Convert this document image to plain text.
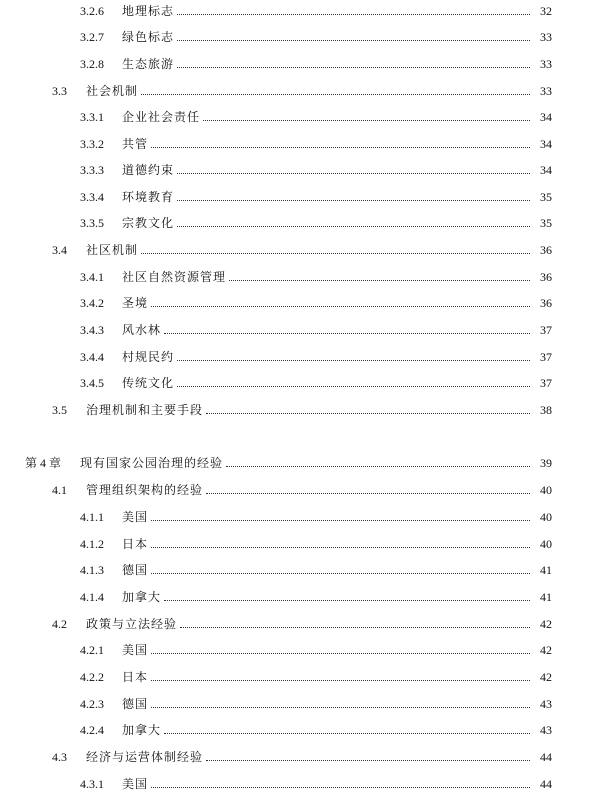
3.2.6	地理标志	32
3.2.7	绿色标志	33
3.2.8	生态旅游	33
3.3	社会机制	33
3.3.1	企业社会责任	34
3.3.2	共管	34
3.3.3	道德约束	34
3.3.4	环境教育	35
3.3.5	宗教文化	35
3.4	社区机制	36
3.4.1	社区自然资源管理	36
3.4.2	圣境	36
3.4.3	风水林	37
3.4.4	村规民约	37
3.4.5	传统文化	37
3.5	治理机制和主要手段	38
第 4 章	现有国家公园治理的经验	39
4.1	管理组织架构的经验	40
4.1.1	美国	40
4.1.2	日本	40
4.1.3	德国	41
4.1.4	加拿大	41
4.2	政策与立法经验	42
4.2.1	美国	42
4.2.2	日本	42
4.2.3	德国	43
4.2.4	加拿大	43
4.3	经济与运营体制经验	44
4.3.1	美国	44
